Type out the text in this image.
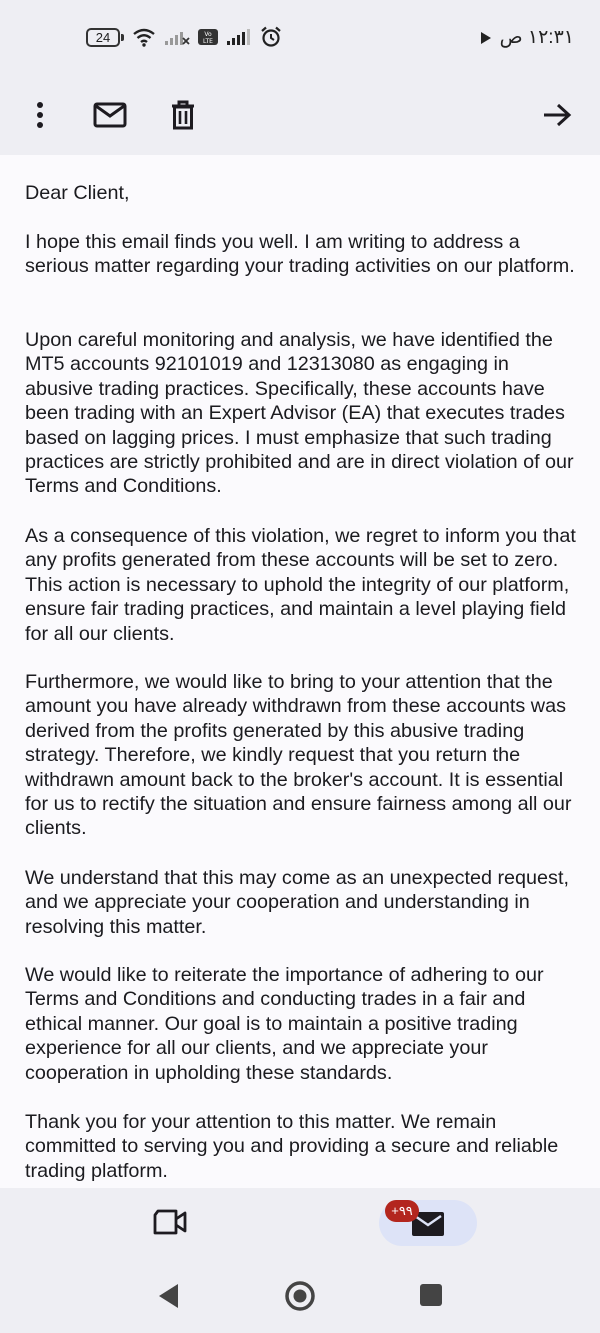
24	Vo
LTE	١٢:٣١ ص

Dear Client,

I hope this email finds you well. I am writing to address a serious matter regarding your trading activities on our platform.

Upon careful monitoring and analysis, we have identified the MT5 accounts 92101019 and 12313080 as engaging in abusive trading practices. Specifically, these accounts have been trading with an Expert Advisor (EA) that executes trades based on lagging prices. I must emphasize that such trading practices are strictly prohibited and are in direct violation of our Terms and Conditions.

As a consequence of this violation, we regret to inform you that any profits generated from these accounts will be set to zero. This action is necessary to uphold the integrity of our platform, ensure fair trading practices, and maintain a level playing field for all our clients.

Furthermore, we would like to bring to your attention that the amount you have already withdrawn from these accounts was derived from the profits generated by this abusive trading strategy. Therefore, we kindly request that you return the withdrawn amount back to the broker's account. It is essential for us to rectify the situation and ensure fairness among all our clients.

We understand that this may come as an unexpected request, and we appreciate your cooperation and understanding in resolving this matter.

We would like to reiterate the importance of adhering to our Terms and Conditions and conducting trades in a fair and ethical manner. Our goal is to maintain a positive trading experience for all our clients, and we appreciate your cooperation in upholding these standards.

Thank you for your attention to this matter. We remain committed to serving you and providing a secure and reliable trading platform.

٩٩+
